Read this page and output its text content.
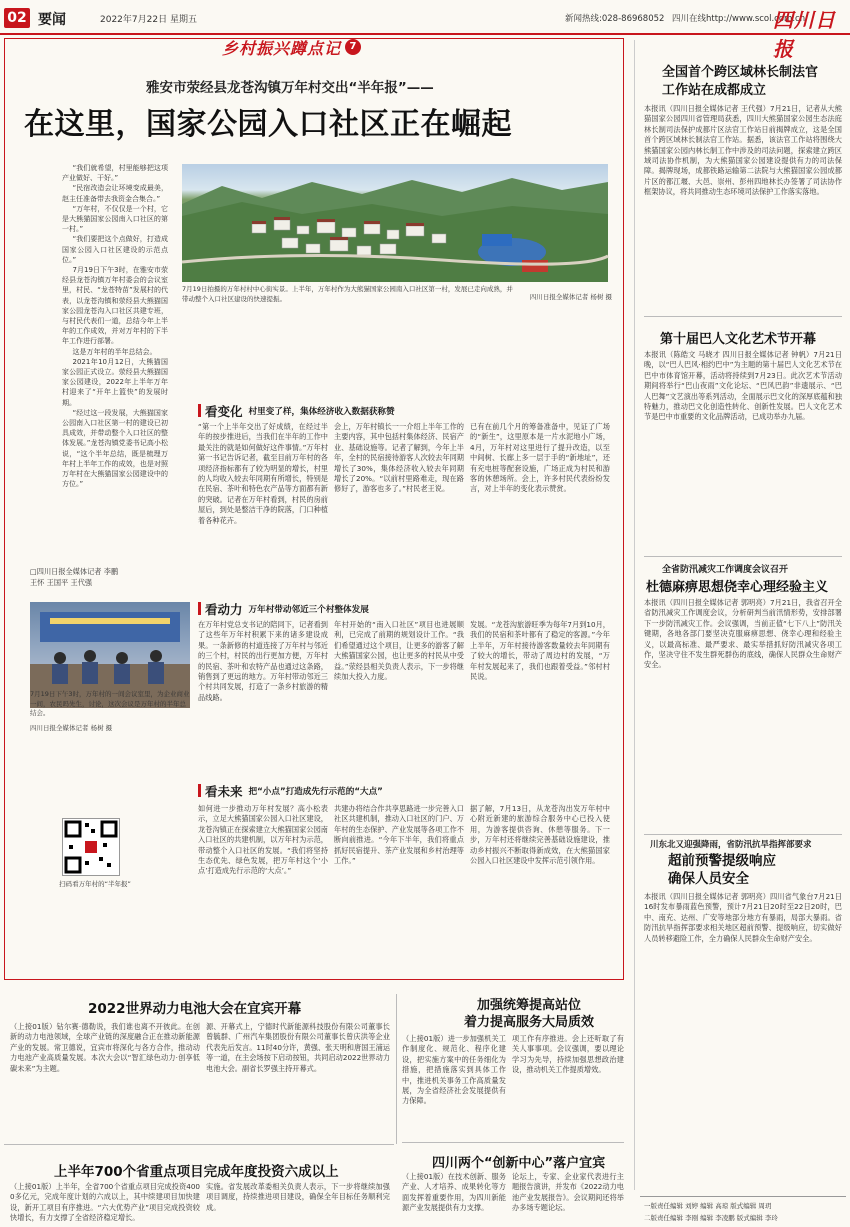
02 要闻	2022年7月22日 星期五	新闻热线:028-86968052 四川在线http://www.scol.com.cn
四川日报
乡村振兴蹲点记 7
雅安市荥经县龙苍沟镇万年村交出“半年报”——
在这里，国家公园入口社区正在崛起

“我们就希望，村里能够把这项产业做好、干好。”

“民宿改造会让环境变成最美，赵主任准备带去我资金合集合。”

“万年村，不仅仅是一个村，它是大熊猫国家公园南入口社区的第一村。”

“我们要把这个点做好，打造成国家公园入口社区建设的示范点位。”

7月19日下午3时，在雅安市荥经县龙苍沟镇万年村委会的会议室里，村民、“龙苍特苗”发展村的代表，以龙苍沟镇和荥经县大熊猫国家公园龙苍沟入口社区共建专班，与村民代表们一道，总结今年上半年的工作成效，并对万年村的下半年工作进行部署。

这是万年村的半年总结会。

2021年10月12日，大熊猫国家公园正式设立。荥经县大熊猫国家公园建设，2022年上半年万年村迎来了“开年上篮快”的发展时期。

“经过这一段发展，大熊猫国家公园南入口社区第一村的建设已初具成效，并带动整个入口社区的整体发展。”龙苍沟镇党委书记高小松说，“这个半年总结，既是梳理万年村上半年工作的成效，也是对照万年村在大熊猫国家公园建设中的方位。”

7月19日拍摄的万年村村中心街实景。上半年，万年村作为大熊猫国家公园南入口社区第一村，发展已走向成熟，并带动整个入口社区建设的快速提振。	四川日报全媒体记者 杨树 摄
看变化 村里变了样，集体经济收入数据获称赞
“第一个上半年交出了好成绩，在经过半年的按步推进后，当我们在半年的工作中最关注的就是如何做好这件事情。”万年村第一书记告诉记者，截至目前万年村的各项经济指标都有了较为明显的增长，村里的人均收入较去年同期有所增长，特别是在民宿、茶叶和特色农产品等方面都有新的突破。记者在万年村看到，村民的房前屋后，到处是整洁干净的院落，门口种植着各种花卉。
会上，万年村镇长一一介绍上半年工作的主要内容，其中包括村集体经济、民宿产业、基础设施等。记者了解到，今年上半年，全村的民宿接待游客人次较去年同期增长了30%，集体经济收入较去年同期增长了20%。“以前村里路难走，现在路修好了，游客也多了。”村民老王说。
已有在前几个月的筹备准备中，见证了广场的“新生”，这里原本是一片水泥地小广场，4月，万年村对这里进行了提升改造，以至中间树、长廊上多一层于手的“新地址”，还有充电桩等配套设施，广场正成为村民和游客的休憩场所。会上，许多村民代表纷纷发言，对上半年的变化表示赞赏。
□四川日报全媒体记者 李鹏
王怀 王国平 王代强
7月19日下午3时，万年村的一间会议室里，为企业商业一间，农民吗先生，讨论，这次会议是万年村的半年总结会。
四川日报全媒体记者 杨树 摄
扫码看万年村的“半年报”
看动力 万年村带动邻近三个村整体发展
在万年村党总支书记的陪同下，记者看到了这些年万年村积累下来的诸多建设成果。一条新修的村道连接了万年村与邻近的三个村，村民的出行更加方便，万年村的民宿、茶叶和农特产品也通过这条路，销售到了更远的地方。万年村带动邻近三个村共同发展，打造了一条乡村旅游的精品线路。
年村开始的“南入口社区”项目也进展顺利，已完成了前期的规划设计工作。“我们希望通过这个项目，让更多的游客了解大熊猫国家公园，也让更多的村民从中受益。”荥经县相关负责人表示，下一步将继续加大投入力度。
发展。“龙苍沟旅游旺季为每年7月到10月，我们的民宿和茶叶都有了稳定的客源。”今年上半年，万年村接待游客数量较去年同期有了较大的增长，带动了周边村的发展，“万年村发展起来了，我们也跟着受益。”邻村村民说。
看未来 把“小点”打造成先行示范的“大点”
如何进一步推动万年村发展？高小松表示，立足大熊猫国家公园入口社区建设，龙苍沟镇正在探索建立大熊猫国家公园南入口社区的共建机制，以万年村为示范，带动整个入口社区的发展。“我们将坚持生态优先、绿色发展，把万年村这个‘小点’打造成先行示范的‘大点’。”
共建办将结合作共享思路进一步完善入口社区共建机制，推动入口社区的门户、万年村的生态保护、产业发展等各项工作不断向前推进。“今年下半年，我们将重点抓好民宿提升、茶产业发展和乡村治理等工作。”
据了解，7月13日，从龙苍沟出发万年村中心附近新建的旅游综合服务中心已投入使用，为游客提供咨询、休憩等服务。下一步，万年村还将继续完善基础设施建设，推动乡村振兴不断取得新成效，在大熊猫国家公园入口社区建设中发挥示范引领作用。
全国首个跨区域林长制法官工作站在成都成立
本报讯（四川日报全媒体记者 王代强）7月21日，记者从大熊猫国家公园四川省管理局获悉，四川大熊猫国家公园生态法庭林长制司法保护成都片区法官工作站日前揭牌成立，这是全国首个跨区域林长制法官工作站。据悉，该法官工作站将围绕大熊猫国家公园内林长制工作中涉及的司法问题，探索建立跨区域司法协作机制，为大熊猫国家公园建设提供有力的司法保障。揭牌现场，成都铁路运输第二法院与大熊猫国家公园成都片区的都江堰、大邑、崇州、彭州四地林长办签署了司法协作框架协议，将共同推动生态环境司法保护工作落实落地。
第十届巴人文化艺术节开幕
本报讯（陈皓文 马晓才 四川日报全媒体记者 钟帆）7月21日晚，以“巴人巴风·相约巴中”为主题的第十届巴人文化艺术节在巴中市体育馆开幕，活动将持续到7月23日。此次艺术节活动期间将举行“巴山夜雨”文化论坛、“巴风巴韵”非遗展示、“巴人巴舞”文艺演出等系列活动，全面展示巴文化的深厚底蕴和独特魅力，推动巴文化创造性转化、创新性发展。巴人文化艺术节是巴中市重要的文化品牌活动，已成功举办九届。
全省防汛减灾工作调度会议召开
杜德麻痹思想侥幸心理经验主义
本报讯（四川日报全媒体记者 郭明亮）7月21日，我省召开全省防汛减灾工作调度会议，分析研判当前汛情形势，安排部署下一步防汛减灾工作。会议强调，当前正值“七下八上”防汛关键期，各地各部门要坚决克服麻痹思想、侥幸心理和经验主义，以最高标准、最严要求、最实举措抓好防汛减灾各项工作，坚决守住不发生群死群伤的底线，确保人民群众生命财产安全。
川东北又迎强降雨，省防汛抗旱指挥部要求
超前预警提级响应
确保人员安全
本报讯（四川日报全媒体记者 郭明亮）四川省气象台7月21日16时发布暴雨蓝色预警，预计7月21日20时至22日20时，巴中、南充、达州、广安等地部分地方有暴雨，局部大暴雨。省防汛抗旱指挥部要求相关地区超前预警、提级响应，切实做好人员转移避险工作，全力确保人民群众生命财产安全。
一版责任编辑 刘婷 编辑 高琼 版式编辑 周玥
二版责任编辑 李刚 编辑 李凌鹏 版式编辑 李玲
2022世界动力电池大会在宜宾开幕
（上接01版）钻尔赛·德勒说，我们谁也离不开彼此。在创新的动力电池领域，全球产业链的深度融合正在推动新能源产业的发展。常卫德说，宜宾市将深化与各方合作，推动动力电池产业高质量发展。本次大会以“智汇绿色动力·创享低碳未来”为主题。
源、开幕式上，宁德时代新能源科技股份有限公司董事长曾毓群、广州汽车集团股份有限公司董事长曾庆洪等企业代表先后发言。11时40分许，黄强、张天明和唐国王浦运等一道，在主会场按下启动按钮，共同启动2022世界动力电池大会。副省长罗强主持开幕式。
加强统筹提高站位
着力提高服务大局质效
（上接01版）进一步加强机关工作制度化、规范化、程序化建设，把实施方案中的任务细化为措施，把措施落实到具体工作中，推进机关事务工作高质量发展，为全省经济社会发展提供有力保障。
项工作有序推进。会上还听取了有关人事事项。会议强调，要以理论学习为先导，持续加强思想政治建设，推动机关工作提质增效。
四川两个“创新中心”落户宜宾
（上接01版）在技术创新、服务产业、人才培养、成果转化等方面发挥着重要作用，为四川新能源产业发展提供有力支撑。
论坛上，专家、企业家代表进行主题报告演讲，并发布《2022动力电池产业发展报告》。会议期间还将举办多场专题论坛。
上半年700个省重点项目完成年度投资六成以上
（上接01版）上半年，全省700个省重点项目完成投资4000多亿元，完成年度计划的六成以上，其中续建项目加快建设，新开工项目有序推进。“六大优势产业”项目完成投资较快增长，有力支撑了全省经济稳定增长。
实施。省发展改革委相关负责人表示，下一步将继续加强项目调度，持续推进项目建设，确保全年目标任务顺利完成。
